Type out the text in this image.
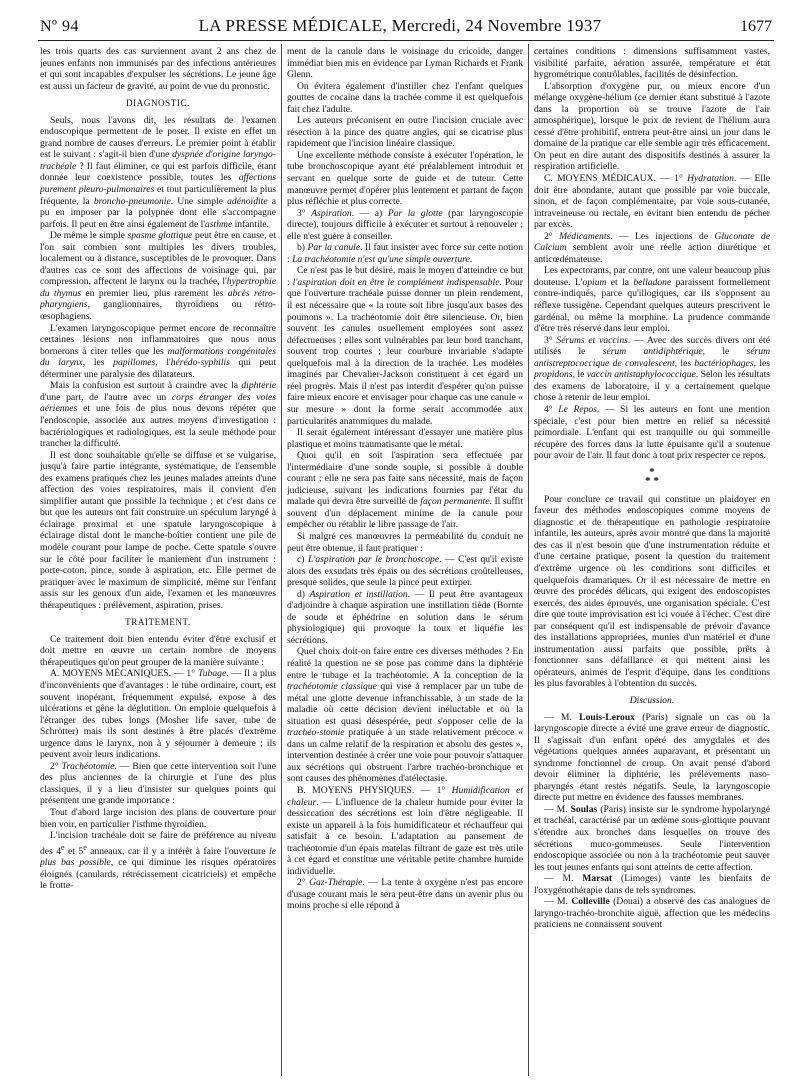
Nº 94	LA PRESSE MÉDICALE, Mercredi, 24 Novembre 1937	1677

les trois quarts des cas surviennent avant 2 ans chez de jeunes enfants non immunisés par des infections antérieures et qui sont incapables d'expulser les sécrétions. Le jeune âge est aussi un facteur de gravité, au point de vue du pronostic.

DIAGNOSTIC.

Seuls, nous l'avons dit, les résultats de l'examen endoscopique permettent de le poser. Il existe en effet un grand nombre de causes d'erreurs. Le premier point à établir est le suivant : s'agit-il bien d'une dyspnée d'origine laryngo-trachéale ? Il faut éliminer, ce qui est parfois difficile, étant donnée leur coexistence possible, toutes les affections purement pleuro-pulmonaires et tout particulièrement la plus fréquente, la broncho-pneumonie. Une simple adénoïdite a pu en imposer par la polypnée dont elle s'accompagne parfois. Il peut en être ainsi également de l'asthme infantile.

De même le simple spasme glottique peut être en cause, et l'on sait combien sont multiples les divers troubles, localement ou à distance, susceptibles de le provoquer. Dans d'autres cas ce sont des affections de voisinage qui, par compression, affectent le larynx ou la trachée, l'hypertrophie du thymus en premier lieu, plus rarement les abcès rétro-pharyngiens, ganglionnaires, thyroïdiens ou rétro-œsophagiens.

L'examen laryngoscopique permet encore de reconnaître certaines lésions non inflammatoires que nous nous bornerons à citer telles que les malformations congénitales du larynx, les papillomes, l'hérédo-syphilis qui peut déterminer une paralysie des dilatateurs.

Mais la confusion est surtout à craindre avec la diphtérie d'une part, de l'autre avec un corps étranger des voies aériennes et une fois de plus nous devons répéter que l'endoscopie, associée aux autres moyens d'investigation : bactériologiques et radiologiques, est la seule méthode pour trancher la difficulté.

Il est donc souhaitable qu'elle se diffuse et se vulgarise, jusqu'à faire partie intégrante, systématique, de l'ensemble des examens pratiqués chez les jeunes malades atteints d'une affection des voies respiratoires, mais il convient d'en simplifier autant que possible la technique ; et c'est dans ce but que les auteurs ont fait construire un spéculum laryngé à éclairage proximal et une spatule laryngoscopique à éclairage distal dont le manche-boîtier contient une pile de modèle courant pour lampe de poche. Cette spatule s'ouvre sur le côté pour faciliter le maniement d'un instrument : porte-coton, pince, sonde à aspiration, etc. Elle permet de pratiquer avec le maximum de simplicité, même sur l'enfant assis sur les genoux d'un aide, l'examen et les manœuvres thérapeutiques : prélèvement, aspiration, prises.

TRAITEMENT.

Ce traitement doit bien entendu éviter d'être exclusif et doit mettre en œuvre un certain nombre de moyens thérapeutiques qu'on peut grouper de la manière suivante :

A. MOYENS MÉCANIQUES. — 1° Tubage. — Il a plus d'inconvénients que d'avantages : le tube ordinaire, court, est souvent inopérant, fréquemment expulsé, expose à des ulcérations et gêne la déglutition. On emploie quelquefois à l'étranger des tubes longs (Mosher life saver, tube de Schrötter) mais ils sont destinés à être placés d'extrême urgence dans le larynx, non à y séjourner à demeure ; ils peuvent avoir leurs indications.

2° Trachéotomie. — Bien que cette intervention soit l'une des plus anciennes de la chirurgie et l'une des plus classiques, il y a lieu d'insister sur quelques points qui présentent une grande importance :

Tout d'abord large incision des plans de couverture pour bien voir, en particulier l'isthme thyroïdien.

L'incision trachéale doit se faire de préférence au niveau des 4e et 5e anneaux, car il y a intérêt à faire l'ouverture le plus bas possible, ce qui diminue les risques opératoires éloignés (canulards, rétrécissement cicatriciels) et empêche le frotte-

ment de la canule dans le voisinage du cricoïde, danger immédiat bien mis en évidence par Lyman Richards et Frank Glenn.

On évitera également d'instiller chez l'enfant quelques gouttes de cocaïne dans la trachée comme il est quelquefois fait chez l'adulte.

Les auteurs préconisent en outre l'incision cruciale avec résection à la pince des quatre angles, qui se cicatrise plus rapidement que l'incision linéaire classique.

Une excellente méthode consiste à exécuter l'opération, le tube bronchoscopique ayant été préalablement introduit et servant en quelque sorte de guide et de tuteur. Cette manœuvre permet d'opérer plus lentement et partant de façon plus réfléchie et plus correcte.

3° Aspiration. — a) Par la glotte (par laryngoscopie directe), toujours difficile à exécuter et surtout à renouveler ; elle n'est guère à conseiller.

b) Par la canule. Il faut insister avec force sur cette notion : La trachéotomie n'est qu'une simple ouverture.

Ce n'est pas le but désiré, mais le moyen d'atteindre ce but : l'aspiration doit en être le complément indispensable. Pour que l'ouverture trachéale puisse donner un plein rendement, il est nécessaire que « la route soit libre jusqu'aux bases des poumons ». La trachéotomie doit être silencieuse. Or, bien souvent les canules usuellement employées sont assez défectueuses ; elles sont vulnérables par leur bord tranchant, souvent trop courtes ; leur courbure invariable s'adapte quelquefois mal à la direction de la trachée. Les modèles imaginés par Chevalier-Jackson constituent à cet égard un réel progrès. Mais il n'est pas interdit d'espérer qu'on puisse faire mieux encore et envisager pour chaque cas une canule « sur mesure » dont la forme serait accommodée aux particularités anatomiques du malade.

Il serait également intéressant d'essayer une matière plus plastique et moins traumatisante que le métal.

Quoi qu'il en soit l'aspiration sera effectuée par l'intermédiaire d'une sonde souple, si possible à double courant ; elle ne sera pas faite sans nécessité, mais de façon judicieuse, suivant les indications fournies par l'état du malade qui devra être surveillé de façon permanente. Il suffit souvent d'un déplacement minime de la canule pour empêcher ou rétablir le libre passage de l'air.

Si malgré ces manœuvres la perméabilité du conduit ne peut être obtenue, il faut pratiquer :

c) L'aspiration par le bronchoscope. — C'est qu'il existe alors des exsudats très épais ou des sécrétions croûtelleuses, presque solides, que seule la pince peut extirper.

d) Aspiration et instillation. — Il peut être avantageux d'adjoindre à chaque aspiration une instillation tiède (Bornte de soude et éphédrine en solution dans le sérum physiologique) qui provoque la toux et liquéfie les sécrétions.

Quel choix doit-on faire entre ces diverses méthodes ? En réalité la question ne se pose pas comme dans la diphtérie entre le tubage et la trachéotomie. A la conception de la trachéotomie classique qui vise à remplacer par un tube de métal une glotte devenue infranchissable, à un stade de la maladie où cette décision devient inéluctable et où la situation est quasi désespérée, peut s'opposer celle de la trachéo-stomie pratiquée à un stade relativement précoce « dans un calme relatif de la respiration et absolu des gestes », intervention destinée à créer une voie pour pouvoir s'attaquer aux sécrétions qui obstruent l'arbre trachéo-bronchique et sont causes des phénomènes d'atélectasie.

B. MOYENS PHYSIQUES. — 1° Humidification et chaleur. — L'influence de la chaleur humide pour éviter la dessiccation des sécrétions est loin d'être négligeable. Il existe un appareil à la fois humidificateur et réchauffeur qui satisfait à ce besoin. L'adaptation au pansement de trachéotomie d'un épais matelas filtrant de gaze est très utile à cet égard et constitue une véritable petite chambre humide individuelle.

2° Gaz-Thérapie. — La tente à oxygène n'est pas encore d'usage courant mais le sera peut-être dans un avenir plus ou moins proche si elle répond à

certaines conditions : dimensions suffisamment vastes, visibilité parfaite, aération assurée, température et état hygrométrique contrôlables, facilités de désinfection.

L'absorption d'oxygène pur, ou mieux encore d'un mélange oxygène-hélium (ce dernier étant substitué à l'azote dans la proportion où se trouve l'azote de l'air atmosphérique), lorsque le prix de revient de l'hélium aura cessé d'être prohibitif, entrera peut-être ainsi un jour dans le domaine de la pratique car elle semble agir très efficacement. On peut en dire autant des dispositifs destinés à assurer la respiration artificielle.

C. MOYENS MÉDICAUX. — 1° Hydratation. — Elle doit être abondante, autant que possible par voie buccale, sinon, et de façon complémentaire, par voie sous-cutanée, intraveineuse ou rectale, en évitant bien entendu de pécher par excès.

2° Médicaments. — Les injections de Gluconate de Calcium semblent avoir une réelle action diurétique et anticœdémateuse.

Les expectorants, par contre, ont une valeur beaucoup plus douteuse. L'opium et la belladone paraissent formellement contre-indiqués, parce qu'illogiques, car ils s'opposent au réflexe tussigène. Cependant quelques auteurs prescrivent le gardénal, ou même la morphine. La prudence commande d'être très réservé dans leur emploi.

3° Sérums et vaccins. — Avec des succès divers ont été utilisés le sérum antidiphtérique, le sérum antistreptococcique de convalescent, les bactériophages, les propidons, le vaccin antistaphylococcique. Selon les résultats des examens de laboratoire, il y a certainement quelque chose à retenir de leur emploi.

4° Le Repos. — Si les auteurs en font une mention spéciale, c'est pour bien mettre en relief sa nécessité primordiale. L'enfant qui est tranquille ou qui sommeille récupère des forces dans la lutte épuisante qu'il a soutenue pour avoir de l'air. Il faut donc à tout prix respecter ce repos.

*
* *

Pour conclure ce travail qui constitue un plaidoyer en faveur des méthodes endoscopiques comme moyens de diagnostic et de thérapeutique en pathologie respiratoire infantile, les auteurs, après avoir montré que dans la majorité des cas il n'est besoin que d'une instrumentation réduite et d'une certaine pratique, posent la question du traitement d'extrême urgence où les conditions sont difficiles et quelquefois dramatiques. Or il est nécessaire de mettre en œuvre des procédés délicats, qui exigent des endoscopistes exercés, des aides éprouvés, une organisation spéciale. C'est dire que toute improvisation est ici vouée à l'échec. C'est dire par conséquent qu'il est indispensable de prévoir d'avance des installations appropriées, munies d'un matériel et d'une instrumentation aussi parfaits que possible, prêts à fonctionner sans défaillance et qui mettent ainsi les opérateurs, animés de l'esprit d'équipe, dans les conditions les plus favorables à l'obtention du succès.

Discussion.

— M. Louis-Leroux (Paris) signale un cas où la laryngoscopie directe a évité une grave erreur de diagnostic. Il s'agissait d'un enfant opéré des amygdales et des végétations quelques années auparavant, et présentant un syndrome fonctionnel de croup. On avait pensé d'abord devoir éliminer la diphtérie, les prélèvements naso-pharyngés étant restés négatifs. Seule, la laryngoscopie directe put mettre en évidence des fausses membranes.

— M. Soulas (Paris) insiste sur le syndrome hypolaryngé et trachéal, caractérisé par un œdème sous-glottique pouvant s'étendre aux bronches dans lesquelles on trouve des sécrétions muco-gommeuses. Seule l'intervention endoscopique associée ou non à la trachéotomie peut sauver les tout jeunes enfants qui sont atteints de cette affection.

— M. Marsat (Limoges) vante les bienfaits de l'oxygénothérapie dans de tels syndromes.

— M. Colleville (Douai) a observé des cas analogues de laryngo-trachéo-bronchite aiguë, affection que les médecins praticiens ne connaissent souvent
